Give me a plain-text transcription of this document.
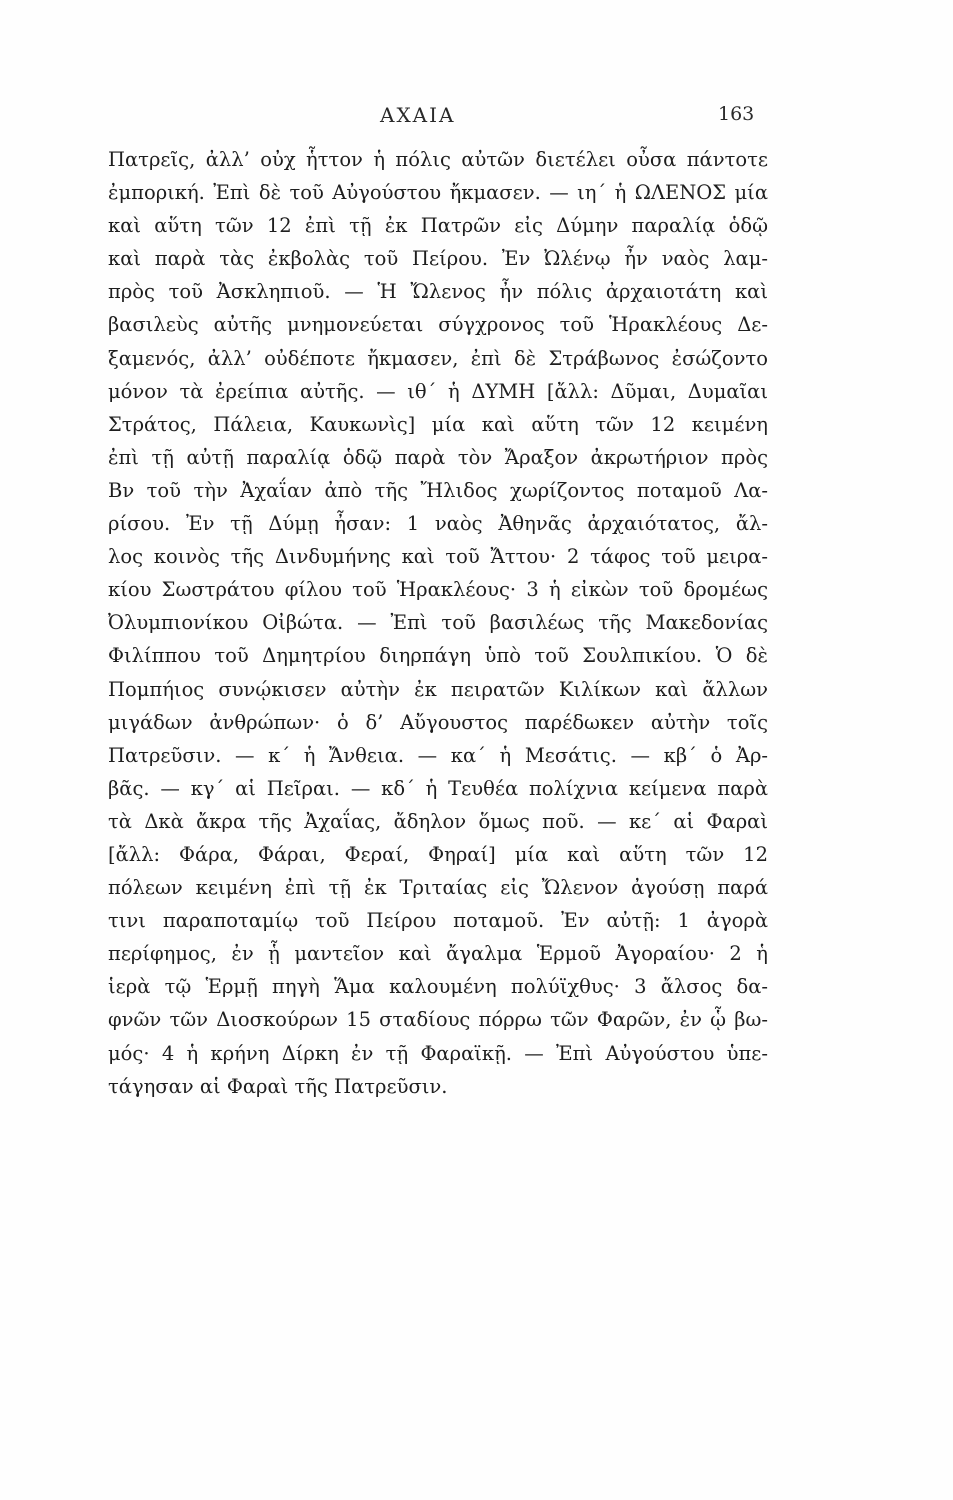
ΑΧΑΙΑ	163
Πατρεῖς, ἀλλ’ οὐχ ἧττον ἡ πόλις αὐτῶν διετέλει οὖσα πάντοτε
ἐμπορική. Ἐπὶ δὲ τοῦ Αὐγούστου ἤκμασεν. — ιη΄ ἡ ΩΛΕΝΟΣ μία
καὶ αὕτη τῶν 12 ἐπὶ τῇ ἐκ Πατρῶν εἰς Δύμην παραλίᾳ ὁδῷ
καὶ παρὰ τὰς ἐκβολὰς τοῦ Πείρου. Ἐν Ὠλένῳ ἦν ναὸς λαμ-
πρὸς τοῦ Ἀσκληπιοῦ. — Ἡ Ὤλενος ἦν πόλις ἀρχαιοτάτη καὶ
βασιλεὺς αὐτῆς μνημονεύεται σύγχρονος τοῦ Ἡρακλέους Δε-
ξαμενός, ἀλλ’ οὐδέποτε ἤκμασεν, ἐπὶ δὲ Στράβωνος ἐσώζοντο
μόνον τὰ ἐρείπια αὐτῆς. — ιθ΄ ἡ ΔΥΜΗ [ἄλλ: Δῦμαι, Δυμαῖαι
Στράτος, Πάλεια, Καυκωνὶς] μία καὶ αὕτη τῶν 12 κειμένη
ἐπὶ τῇ αὐτῇ παραλίᾳ ὁδῷ παρὰ τὸν Ἄραξον ἀκρωτήριον πρὸς
Βν τοῦ τὴν Ἀχαΐαν ἀπὸ τῆς Ἤλιδος χωρίζοντος ποταμοῦ Λα-
ρίσου. Ἐν τῇ Δύμῃ ἦσαν: 1 ναὸς Ἀθηνᾶς ἀρχαιότατος, ἄλ-
λος κοινὸς τῆς Δινδυμήνης καὶ τοῦ Ἄττου· 2 τάφος τοῦ μειρα-
κίου Σωστράτου φίλου τοῦ Ἡρακλέους· 3 ἡ εἰκὼν τοῦ δρομέως
Ὀλυμπιονίκου Οἰβώτα. — Ἐπὶ τοῦ βασιλέως τῆς Μακεδονίας
Φιλίππου τοῦ Δημητρίου διηρπάγη ὑπὸ τοῦ Σουλπικίου. Ὁ δὲ
Πομπήιος συνῴκισεν αὐτὴν ἐκ πειρατῶν Κιλίκων καὶ ἄλλων
μιγάδων ἀνθρώπων· ὁ δ’ Αὔγουστος παρέδωκεν αὐτὴν τοῖς
Πατρεῦσιν. — κ΄ ἡ Ἄνθεια. — κα΄ ἡ Μεσάτις. — κβ΄ ὁ Ἀρ-
βᾶς. — κγ΄ αἱ Πεῖραι. — κδ΄ ἡ Τευθέα πολίχνια κείμενα παρὰ
τὰ Δκὰ ἄκρα τῆς Ἀχαΐας, ἄδηλον ὅμως ποῦ. — κε΄ αἱ Φαραὶ
[ἄλλ: Φάρα, Φάραι, Φεραί, Φηραί] μία καὶ αὕτη τῶν 12
πόλεων κειμένη ἐπὶ τῇ ἐκ Τριταίας εἰς Ὤλενον ἀγούσῃ παρά
τινι παραποταμίῳ τοῦ Πείρου ποταμοῦ. Ἐν αὐτῇ: 1 ἀγορὰ
περίφημος, ἐν ᾗ μαντεῖον καὶ ἄγαλμα Ἑρμοῦ Ἀγοραίου· 2 ἡ
ἱερὰ τῷ Ἑρμῇ πηγὴ Ἅμα καλουμένη πολύϊχθυς· 3 ἄλσος δα-
φνῶν τῶν Διοσκούρων 15 σταδίους πόρρω τῶν Φαρῶν, ἐν ᾧ βω-
μός· 4 ἡ κρήνη Δίρκη ἐν τῇ Φαραϊκῇ. — Ἐπὶ Αὐγούστου ὑπε-
τάγησαν αἱ Φαραὶ τῆς Πατρεῦσιν.
